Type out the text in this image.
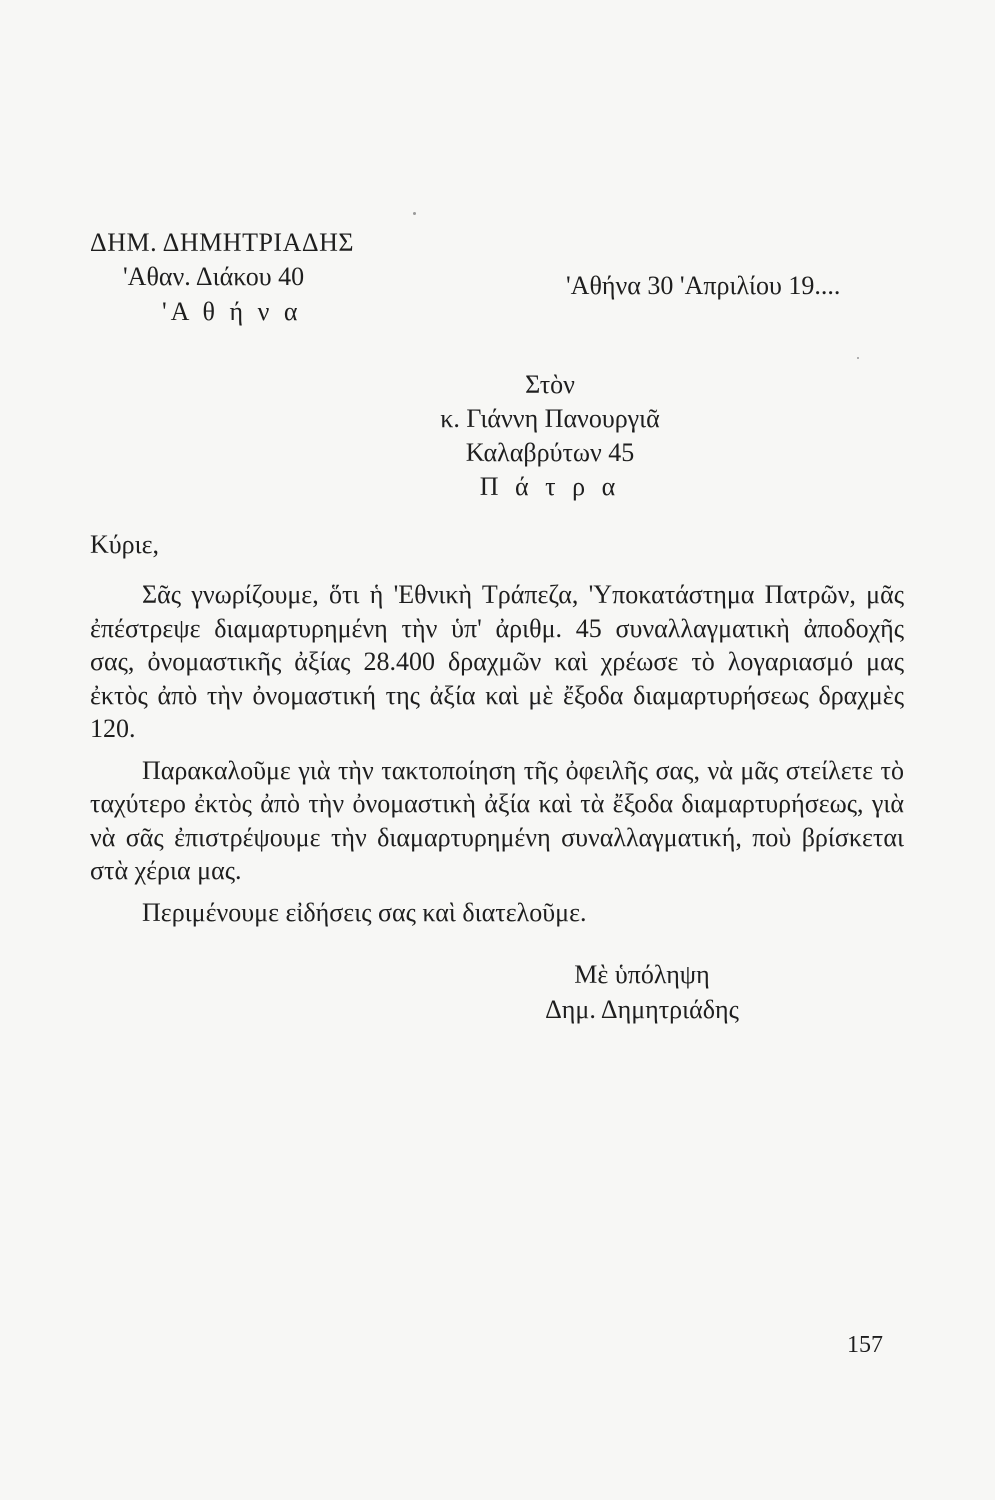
ΔΗΜ. ΔΗΜΗΤΡΙΑΔΗΣ
'Αθαν. Διάκου 40
'Α θ ή ν α
'Αθήνα 30 'Απριλίου 19....
Στὸν
κ. Γιάννη Πανουργιᾶ
Καλαβρύτων 45
Π ά τ ρ α
Κύριε,

Σᾶς γνωρίζουμε, ὅτι ἡ 'Εθνικὴ Τράπεζα, 'Υποκατάστημα Πατρῶν, μᾶς ἐπέστρεψε διαμαρτυρημένη τὴν ὑπ' ἀριθμ. 45 συναλλαγματικὴ ἀποδοχῆς σας, ὀνομαστικῆς ἀξίας 28.400 δραχμῶν καὶ χρέωσε τὸ λογαριασμό μας ἐκτὸς ἀπὸ τὴν ὀνομαστική της ἀξία καὶ μὲ ἔξοδα διαμαρτυρήσεως δραχμὲς 120.

Παρακαλοῦμε γιὰ τὴν τακτοποίηση τῆς ὀφειλῆς σας, νὰ μᾶς στείλετε τὸ ταχύτερο ἐκτὸς ἀπὸ τὴν ὀνομαστικὴ ἀξία καὶ τὰ ἔξοδα διαμαρτυρήσεως, γιὰ νὰ σᾶς ἐπιστρέψουμε τὴν διαμαρτυρημένη συναλλαγματική, ποὺ βρίσκεται στὰ χέρια μας.

Περιμένουμε εἰδήσεις σας καὶ διατελοῦμε.

Μὲ ὑπόληψη
Δημ. Δημητριάδης
157
